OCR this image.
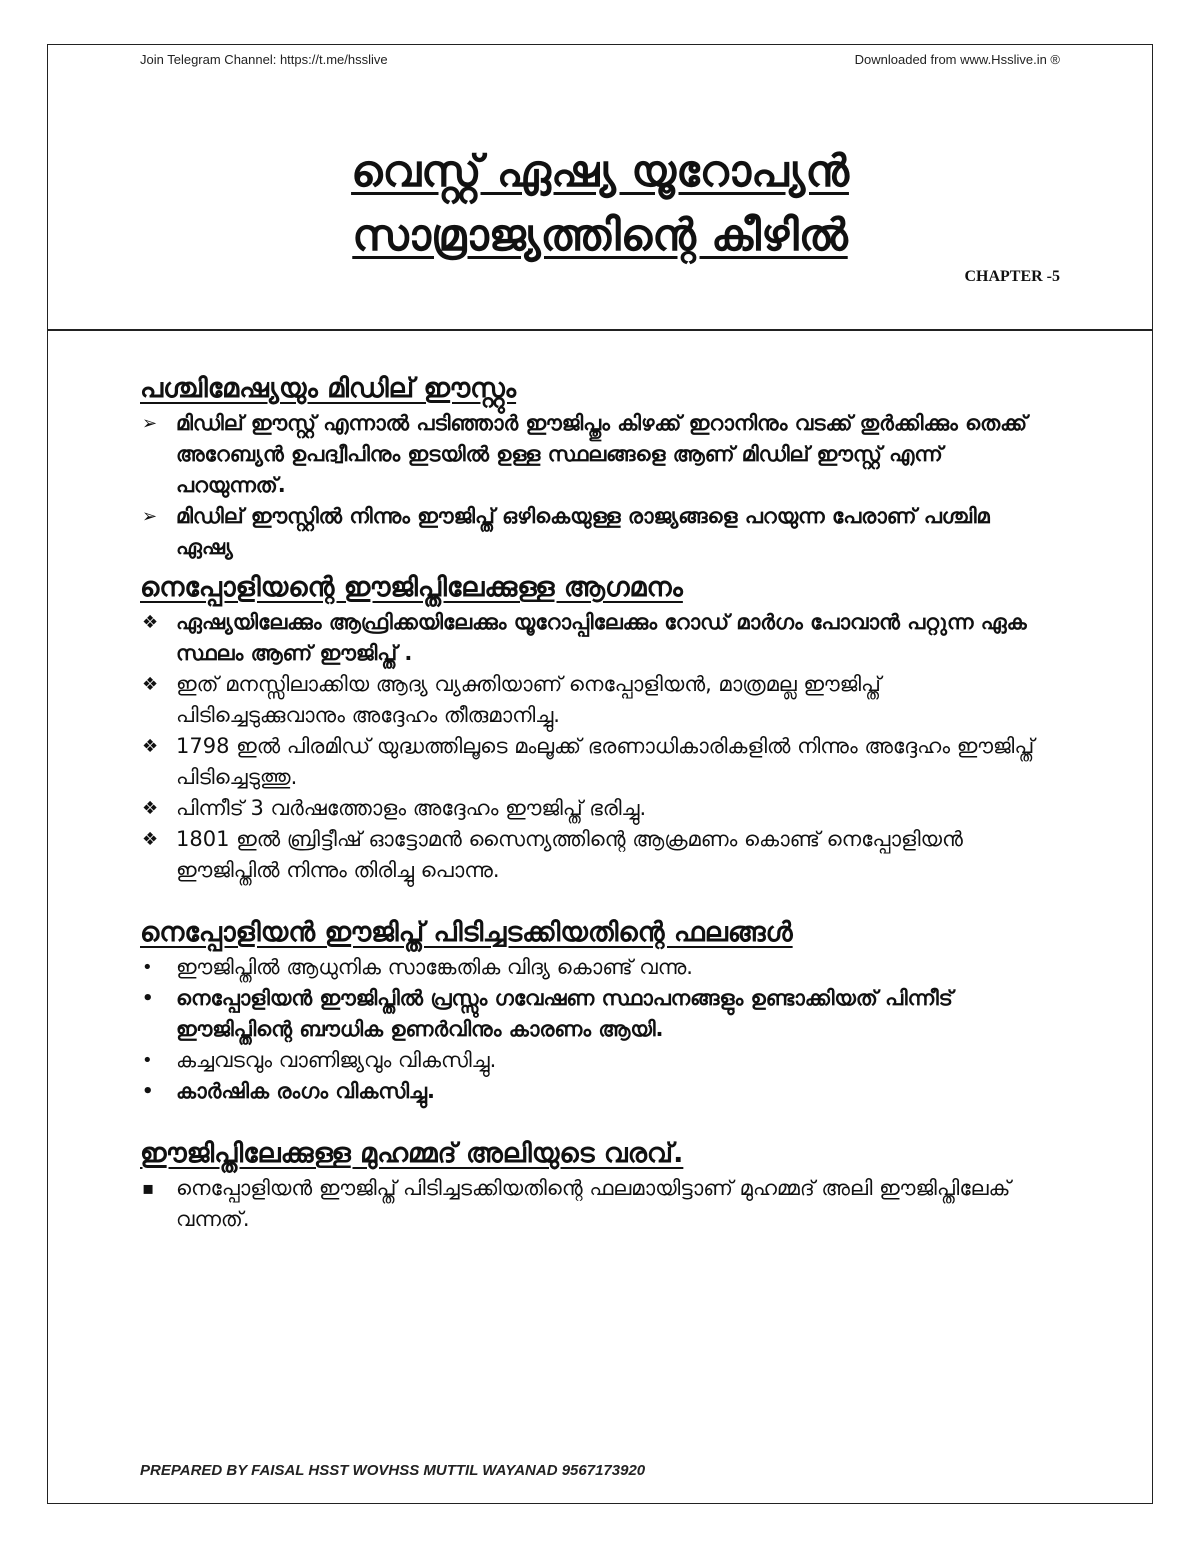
Join Telegram Channel: https://t.me/hsslive	Downloaded from www.Hsslive.in ®
വെസ്റ്റ് ഏഷ്യ യൂറോപ്യൻ
സാമ്രാജ്യത്തിന്റെ കീഴിൽ
CHAPTER -5
പശ്ചിമേഷ്യയും മിഡില് ഈസ്റ്റും
➢ മിഡില് ഈസ്റ്റ് എന്നാൽ പടിഞ്ഞാർ ഈജിപ്തും കിഴക്ക് ഇറാനിനും വടക്ക് തുർക്കിക്കും തെക്ക് അറേബ്യൻ ഉപദ്വീപിനും ഇടയിൽ ഉള്ള സ്ഥലങ്ങളെ ആണ് മിഡില് ഈസ്റ്റ് എന്ന് പറയുന്നത്.
➢ മിഡില് ഈസ്റ്റിൽ നിന്നും ഈജിപ്ത് ഒഴികെയുള്ള രാജ്യങ്ങളെ പറയുന്ന പേരാണ് പശ്ചിമ ഏഷ്യ
നെപ്പോളിയന്റെ ഈജിപ്തിലേക്കുള്ള ആഗമനം
❖ ഏഷ്യയിലേക്കും ആഫ്രിക്കയിലേക്കും യൂറോപ്പിലേക്കും റോഡ് മാർഗം പോവാൻ പറ്റുന്ന ഏക സ്ഥലം ആണ് ഈജിപ്ത് .
❖ ഇത് മനസ്സിലാക്കിയ ആദ്യ വ്യക്തിയാണ് നെപ്പോളിയൻ, മാത്രമല്ല ഈജിപ്ത് പിടിച്ചെടുക്കുവാനും അദ്ദേഹം തീരുമാനിച്ചു.
❖ 1798 ഇൽ പിരമിഡ് യുദ്ധത്തിലൂടെ മംലൂക്ക് ഭരണാധികാരികളിൽ നിന്നും അദ്ദേഹം ഈജിപ്ത് പിടിച്ചെടുത്തു.
❖ പിന്നീട് 3 വർഷത്തോളം അദ്ദേഹം ഈജിപ്ത് ഭരിച്ചു.
❖ 1801 ഇൽ ബ്രിട്ടീഷ് ഓട്ടോമൻ സൈന്യത്തിന്റെ ആക്രമണം കൊണ്ട് നെപ്പോളിയൻ ഈജിപ്തിൽ നിന്നും തിരിച്ചു പൊന്നു.
നെപ്പോളിയൻ ഈജിപ്ത് പിടിച്ചടക്കിയതിന്റെ ഫലങ്ങൾ
• ഈജിപ്തിൽ ആധുനിക സാങ്കേതിക വിദ്യ കൊണ്ട് വന്നു.
• നെപ്പോളിയൻ ഈജിപ്തിൽ പ്രസ്സും ഗവേഷണ സ്ഥാപനങ്ങളും ഉണ്ടാക്കിയത് പിന്നീട് ഈജിപ്തിന്റെ ബൗധിക ഉണർവിനും കാരണം ആയി.
• കച്ചവടവും വാണിജ്യവും വികസിച്ചു.
• കാർഷിക രംഗം വികസിച്ചു.
ഈജിപ്തിലേക്കുള്ള മുഹമ്മദ് അലിയുടെ വരവ്.
▪ നെപ്പോളിയൻ ഈജിപ്ത് പിടിച്ചടക്കിയതിന്റെ ഫലമായിട്ടാണ് മുഹമ്മദ് അലി ഈജിപ്തിലേക് വന്നത്.
PREPARED BY FAISAL HSST WOVHSS MUTTIL WAYANAD 9567173920
